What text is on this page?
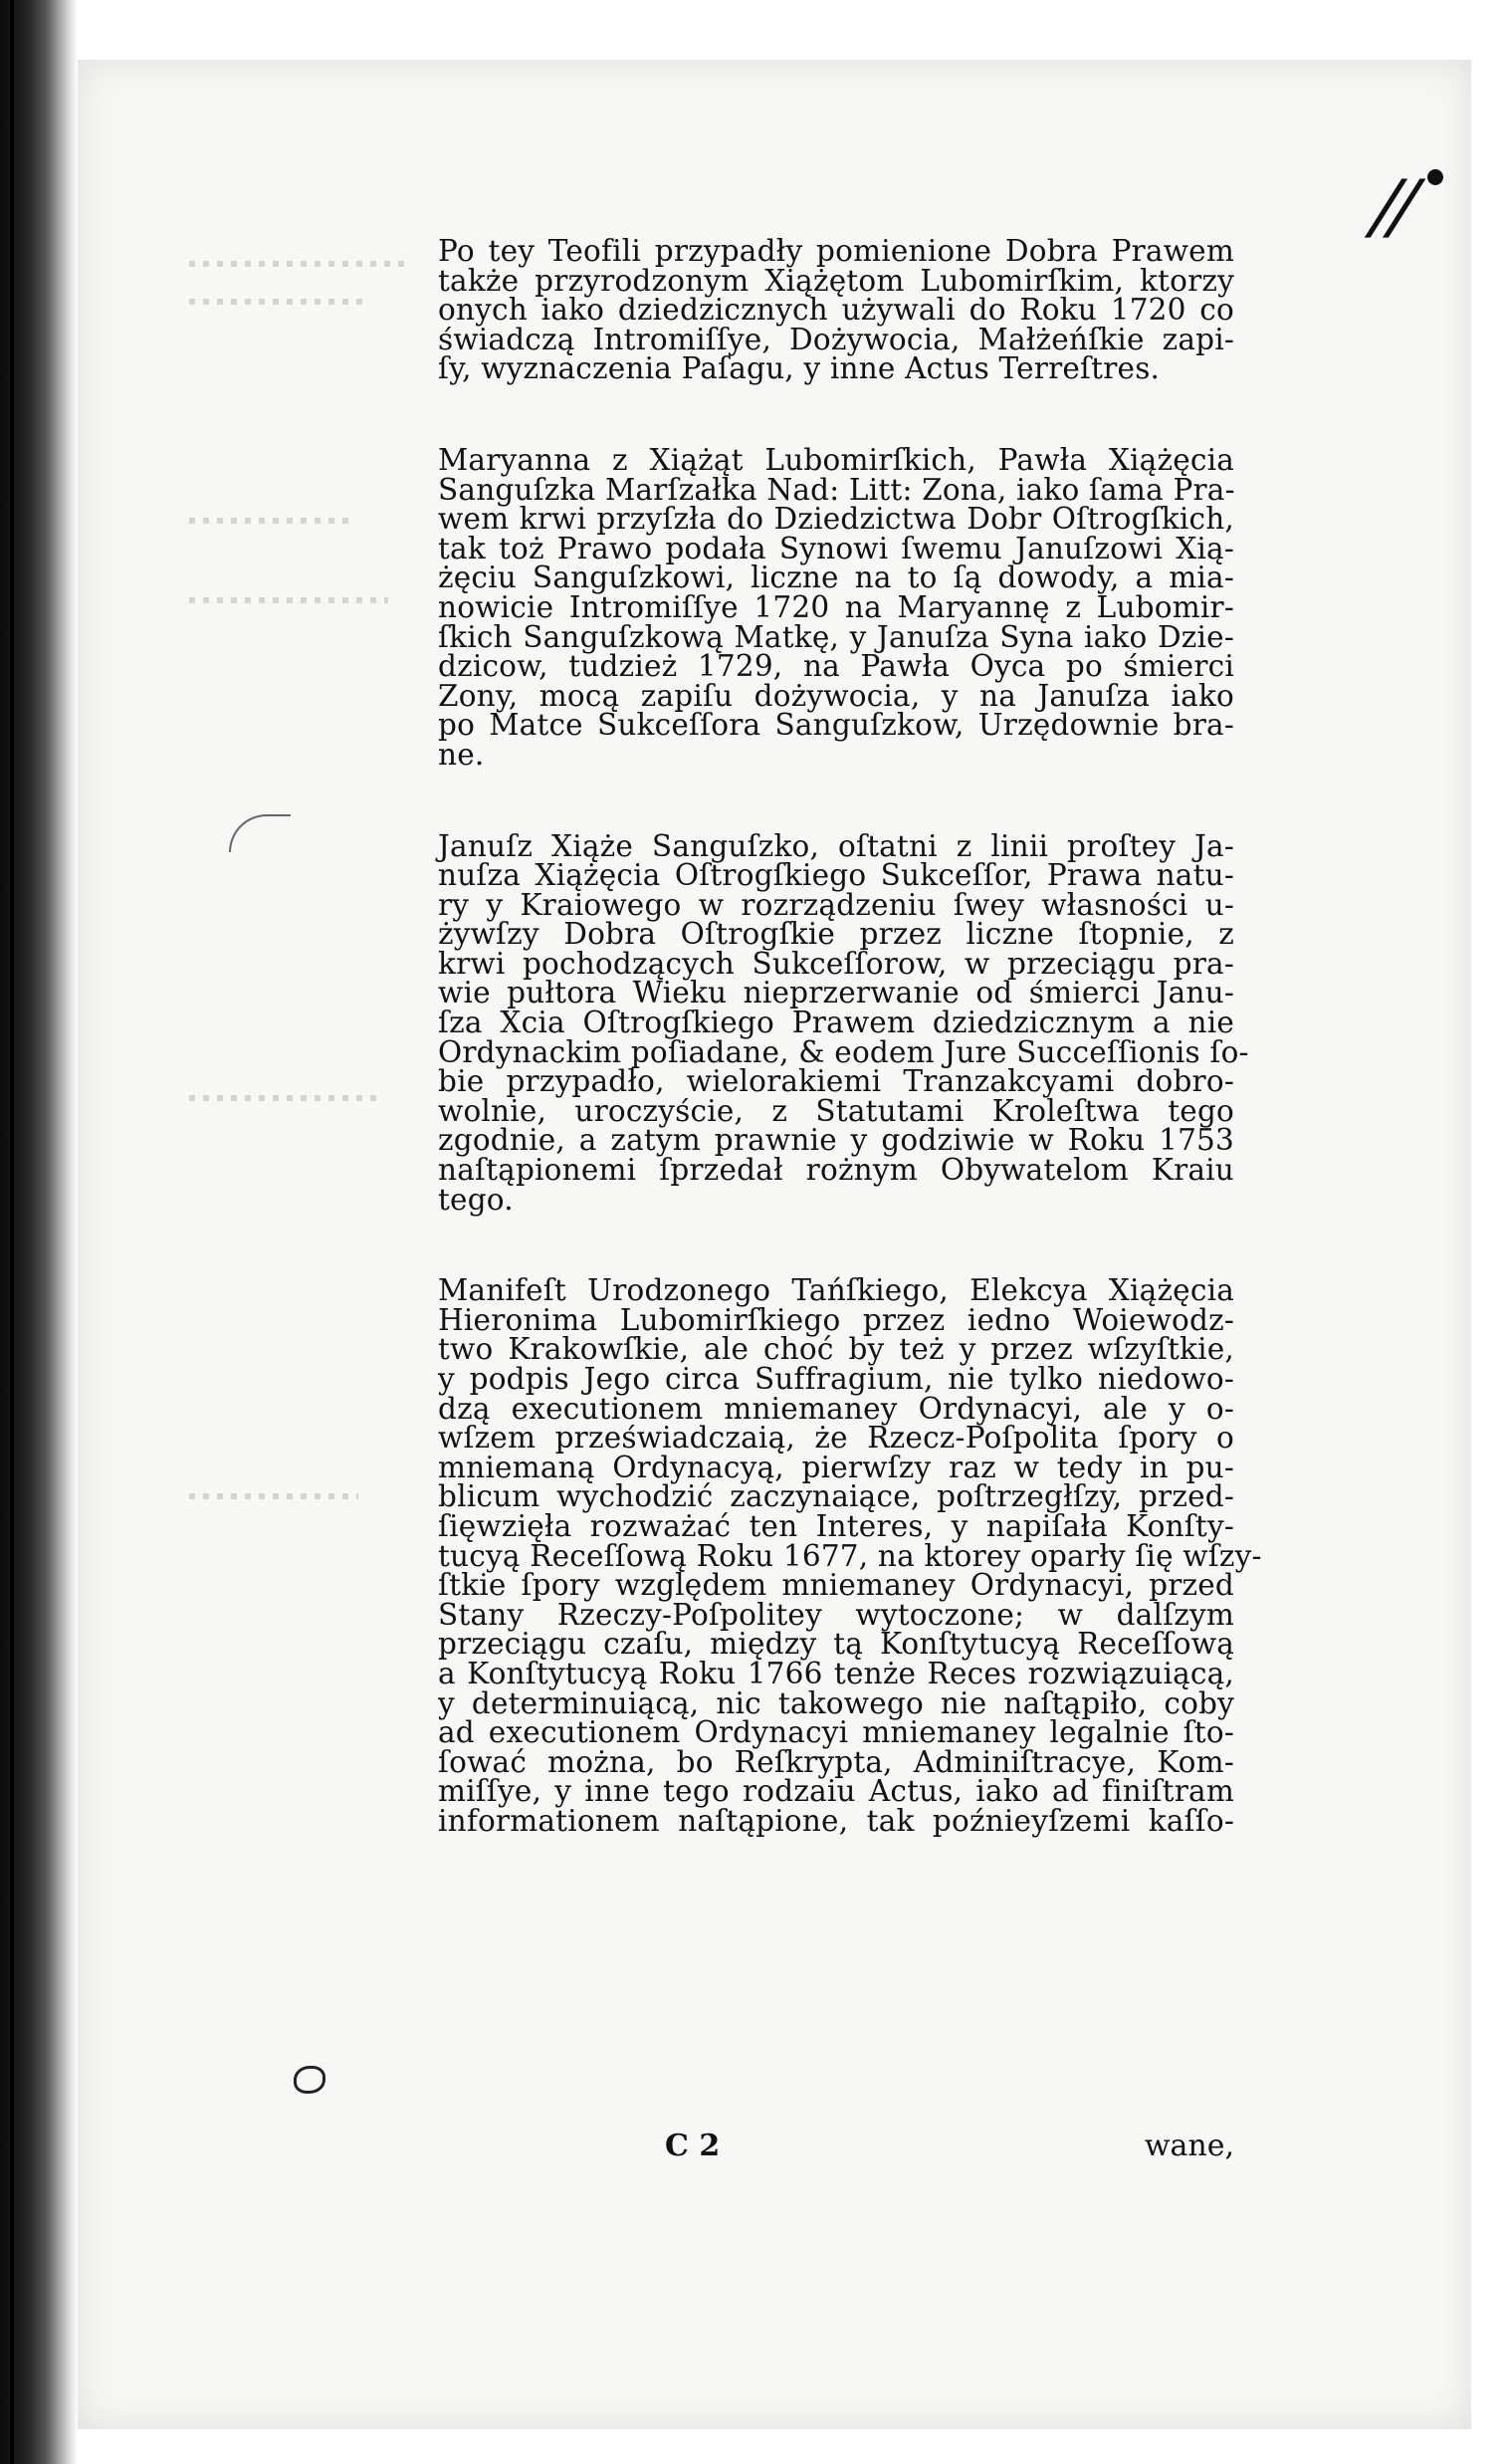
//
Po tey Teofili przypadły pomienione Dobra Prawem
także przyrodzonym Xiążętom Lubomirſkim, ktorzy
onych iako dziedzicznych używali do Roku 1720 co
świadczą Intromiſſye, Dożywocia, Małżeńſkie zapi-
ſy, wyznaczenia Paſagu, y inne Actus Terreſtres.
Maryanna z Xiążąt Lubomirſkich, Pawła Xiążęcia
Sanguſzka Marſzałka Nad: Litt: Zona, iako ſama Pra-
wem krwi przyſzła do Dziedzictwa Dobr Oſtrogſkich,
tak toż Prawo podała Synowi ſwemu Januſzowi Xią-
żęciu Sanguſzkowi, liczne na to ſą dowody, a mia-
nowicie Intromiſſye 1720 na Maryannę z Lubomir-
ſkich Sanguſzkową Matkę, y Januſza Syna iako Dzie-
dzicow, tudzież 1729, na Pawła Oyca po śmierci
Zony, mocą zapiſu dożywocia, y na Januſza iako
po Matce Sukceſſora Sanguſzkow, Urzędownie bra-
ne.
Januſz Xiąże Sanguſzko, oſtatni z linii proſtey Ja-
nuſza Xiążęcia Oſtrogſkiego Sukceſſor, Prawa natu-
ry y Kraiowego w rozrządzeniu ſwey własności u-
żywſzy Dobra Oſtrogſkie przez liczne ſtopnie, z
krwi pochodzących Sukceſſorow, w przeciągu pra-
wie pułtora Wieku nieprzerwanie od śmierci Janu-
ſza Xcia Oſtrogſkiego Prawem dziedzicznym a nie
Ordynackim poſiadane, & eodem Jure Succeſſionis ſo-
bie przypadło, wielorakiemi Tranzakcyami dobro-
wolnie, uroczyście, z Statutami Kroleſtwa tego
zgodnie, a zatym prawnie y godziwie w Roku 1753
naſtąpionemi ſprzedał rożnym Obywatelom Kraiu
tego.
Manifeſt Urodzonego Tańſkiego, Elekcya Xiążęcia
Hieronima Lubomirſkiego przez iedno Woiewodz-
two Krakowſkie, ale choć by też y przez wſzyſtkie,
y podpis Jego circa Suffragium, nie tylko niedowo-
dzą executionem mniemaney Ordynacyi, ale y o-
wſzem przeświadczaią, że Rzecz-Poſpolita ſpory o
mniemaną Ordynacyą, pierwſzy raz w tedy in pu-
blicum wychodzić zaczynaiące, poſtrzegłſzy, przed-
ſięwzięła rozważać ten Interes, y napiſała Konſty-
tucyą Receſſową Roku 1677, na ktorey oparły ſię wſzy-
ſtkie ſpory względem mniemaney Ordynacyi, przed
Stany Rzeczy-Poſpolitey wytoczone; w dalſzym
przeciągu czaſu, między tą Konſtytucyą Receſſową
a Konſtytucyą Roku 1766 tenże Reces rozwiązuiącą,
y determinuiącą, nic takowego nie naſtąpiło, coby
ad executionem Ordynacyi mniemaney legalnie ſto-
ſować można, bo Reſkrypta, Adminiſtracye, Kom-
miſſye, y inne tego rodzaiu Actus, iako ad finiſtram
informationem naſtąpione, tak poźnieyſzemi kaſſo-
C 2	wane,
